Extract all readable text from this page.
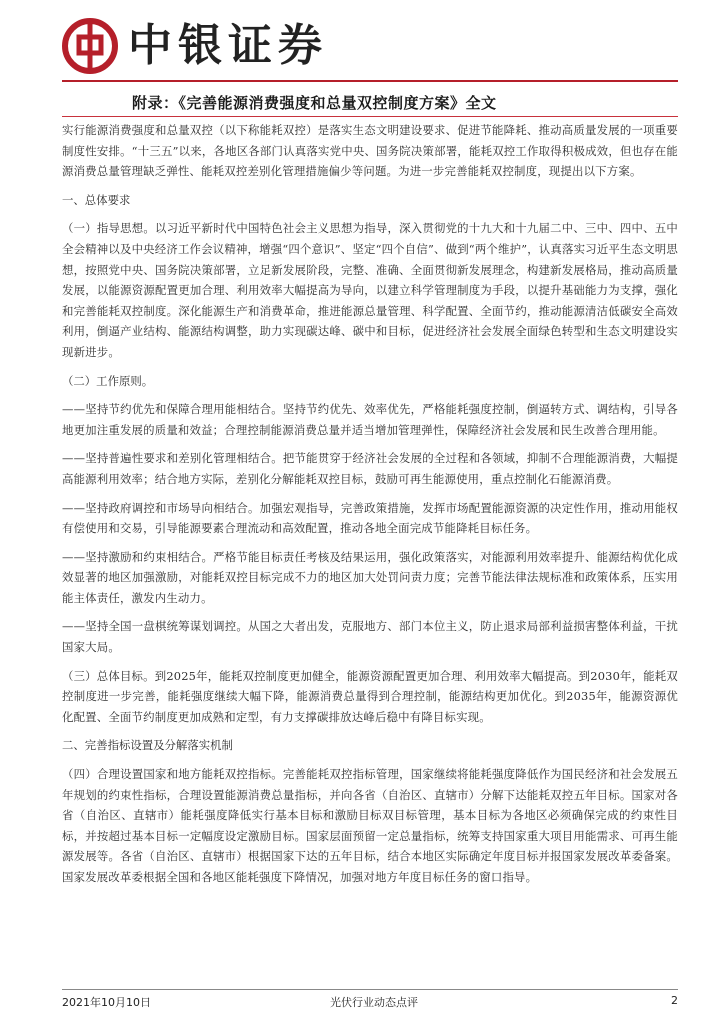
中银证券
附录：《完善能源消费强度和总量双控制度方案》全文

实行能源消费强度和总量双控（以下称能耗双控）是落实生态文明建设要求、促进节能降耗、推动高质量发展的一项重要制度性安排。“十三五”以来，各地区各部门认真落实党中央、国务院决策部署，能耗双控工作取得积极成效，但也存在能源消费总量管理缺乏弹性、能耗双控差别化管理措施偏少等问题。为进一步完善能耗双控制度，现提出以下方案。

一、总体要求

（一）指导思想。以习近平新时代中国特色社会主义思想为指导，深入贯彻党的十九大和十九届二中、三中、四中、五中全会精神以及中央经济工作会议精神，增强“四个意识”、坚定“四个自信”、做到“两个维护”，认真落实习近平生态文明思想，按照党中央、国务院决策部署，立足新发展阶段，完整、准确、全面贯彻新发展理念，构建新发展格局，推动高质量发展，以能源资源配置更加合理、利用效率大幅提高为导向，以建立科学管理制度为手段，以提升基础能力为支撑，强化和完善能耗双控制度。深化能源生产和消费革命，推进能源总量管理、科学配置、全面节约，推动能源清洁低碳安全高效利用，倒逼产业结构、能源结构调整，助力实现碳达峰、碳中和目标，促进经济社会发展全面绿色转型和生态文明建设实现新进步。

（二）工作原则。

——坚持节约优先和保障合理用能相结合。坚持节约优先、效率优先，严格能耗强度控制，倒逼转方式、调结构，引导各地更加注重发展的质量和效益；合理控制能源消费总量并适当增加管理弹性，保障经济社会发展和民生改善合理用能。

——坚持普遍性要求和差别化管理相结合。把节能贯穿于经济社会发展的全过程和各领域，抑制不合理能源消费，大幅提高能源利用效率；结合地方实际，差别化分解能耗双控目标，鼓励可再生能源使用，重点控制化石能源消费。

——坚持政府调控和市场导向相结合。加强宏观指导，完善政策措施，发挥市场配置能源资源的决定性作用，推动用能权有偿使用和交易，引导能源要素合理流动和高效配置，推动各地全面完成节能降耗目标任务。

——坚持激励和约束相结合。严格节能目标责任考核及结果运用，强化政策落实，对能源利用效率提升、能源结构优化成效显著的地区加强激励，对能耗双控目标完成不力的地区加大处罚问责力度；完善节能法律法规标准和政策体系，压实用能主体责任，激发内生动力。

——坚持全国一盘棋统筹谋划调控。从国之大者出发，克服地方、部门本位主义，防止退求局部利益损害整体利益，干扰国家大局。

（三）总体目标。到2025年，能耗双控制度更加健全，能源资源配置更加合理、利用效率大幅提高。到2030年，能耗双控制度进一步完善，能耗强度继续大幅下降，能源消费总量得到合理控制，能源结构更加优化。到2035年，能源资源优化配置、全面节约制度更加成熟和定型，有力支撑碳排放达峰后稳中有降目标实现。

二、完善指标设置及分解落实机制

（四）合理设置国家和地方能耗双控指标。完善能耗双控指标管理，国家继续将能耗强度降低作为国民经济和社会发展五年规划的约束性指标，合理设置能源消费总量指标，并向各省（自治区、直辖市）分解下达能耗双控五年目标。国家对各省（自治区、直辖市）能耗强度降低实行基本目标和激励目标双目标管理，基本目标为各地区必须确保完成的约束性目标，并按超过基本目标一定幅度设定激励目标。国家层面预留一定总量指标，统筹支持国家重大项目用能需求、可再生能源发展等。各省（自治区、直辖市）根据国家下达的五年目标，结合本地区实际确定年度目标并报国家发展改革委备案。国家发展改革委根据全国和各地区能耗强度下降情况，加强对地方年度目标任务的窗口指导。

2021年10月10日	光伏行业动态点评	2
